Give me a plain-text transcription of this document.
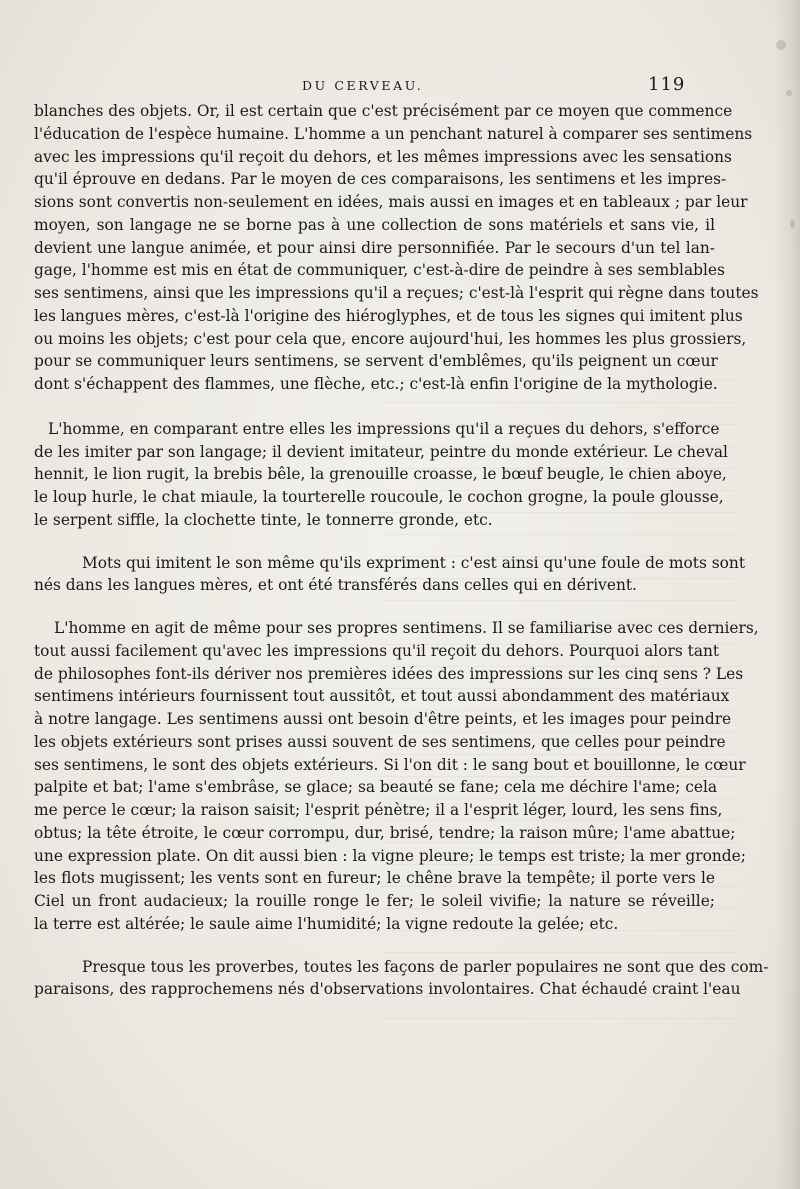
DU CERVEAU.	119

blanches des objets. Or, il est certain que c'est précisément par ce moyen que commence
l'éducation de l'espèce humaine. L'homme a un penchant naturel à comparer ses sentimens
avec les impressions qu'il reçoit du dehors, et les mêmes impressions avec les sensations
qu'il éprouve en dedans. Par le moyen de ces comparaisons, les sentimens et les impres-
sions sont convertis non-seulement en idées, mais aussi en images et en tableaux ; par leur
moyen, son langage ne se borne pas à une collection de sons matériels et sans vie, il
devient une langue animée, et pour ainsi dire personnifiée. Par le secours d'un tel lan-
gage, l'homme est mis en état de communiquer, c'est-à-dire de peindre à ses semblables
ses sentimens, ainsi que les impressions qu'il a reçues; c'est-là l'esprit qui règne dans toutes
les langues mères, c'est-là l'origine des hiéroglyphes, et de tous les signes qui imitent plus
ou moins les objets; c'est pour cela que, encore aujourd'hui, les hommes les plus grossiers,
pour se communiquer leurs sentimens, se servent d'emblêmes, qu'ils peignent un cœur
dont s'échappent des flammes, une flèche, etc.; c'est-là enfin l'origine de la mythologie.

L'homme, en comparant entre elles les impressions qu'il a reçues du dehors, s'efforce
de les imiter par son langage; il devient imitateur, peintre du monde extérieur. Le cheval
hennit, le lion rugit, la brebis bêle, la grenouille croasse, le bœuf beugle, le chien aboye,
le loup hurle, le chat miaule, la tourterelle roucoule, le cochon grogne, la poule glousse,
le serpent siffle, la clochette tinte, le tonnerre gronde, etc.

Mots qui imitent le son même qu'ils expriment : c'est ainsi qu'une foule de mots sont
nés dans les langues mères, et ont été transférés dans celles qui en dérivent.

L'homme en agit de même pour ses propres sentimens. Il se familiarise avec ces derniers,
tout aussi facilement qu'avec les impressions qu'il reçoit du dehors. Pourquoi alors tant
de philosophes font-ils dériver nos premières idées des impressions sur les cinq sens ? Les
sentimens intérieurs fournissent tout aussitôt, et tout aussi abondamment des matériaux
à notre langage. Les sentimens aussi ont besoin d'être peints, et les images pour peindre
les objets extérieurs sont prises aussi souvent de ses sentimens, que celles pour peindre
ses sentimens, le sont des objets extérieurs. Si l'on dit : le sang bout et bouillonne, le cœur
palpite et bat; l'ame s'embrâse, se glace; sa beauté se fane; cela me déchire l'ame; cela
me perce le cœur; la raison saisit; l'esprit pénètre; il a l'esprit léger, lourd, les sens fins,
obtus; la tête étroite, le cœur corrompu, dur, brisé, tendre; la raison mûre; l'ame abattue;
une expression plate. On dit aussi bien : la vigne pleure; le temps est triste; la mer gronde;
les flots mugissent; les vents sont en fureur; le chêne brave la tempête; il porte vers le
Ciel un front audacieux; la rouille ronge le fer; le soleil vivifie; la nature se réveille;
la terre est altérée; le saule aime l'humidité; la vigne redoute la gelée; etc.

Presque tous les proverbes, toutes les façons de parler populaires ne sont que des com-
paraisons, des rapprochemens nés d'observations involontaires. Chat échaudé craint l'eau
